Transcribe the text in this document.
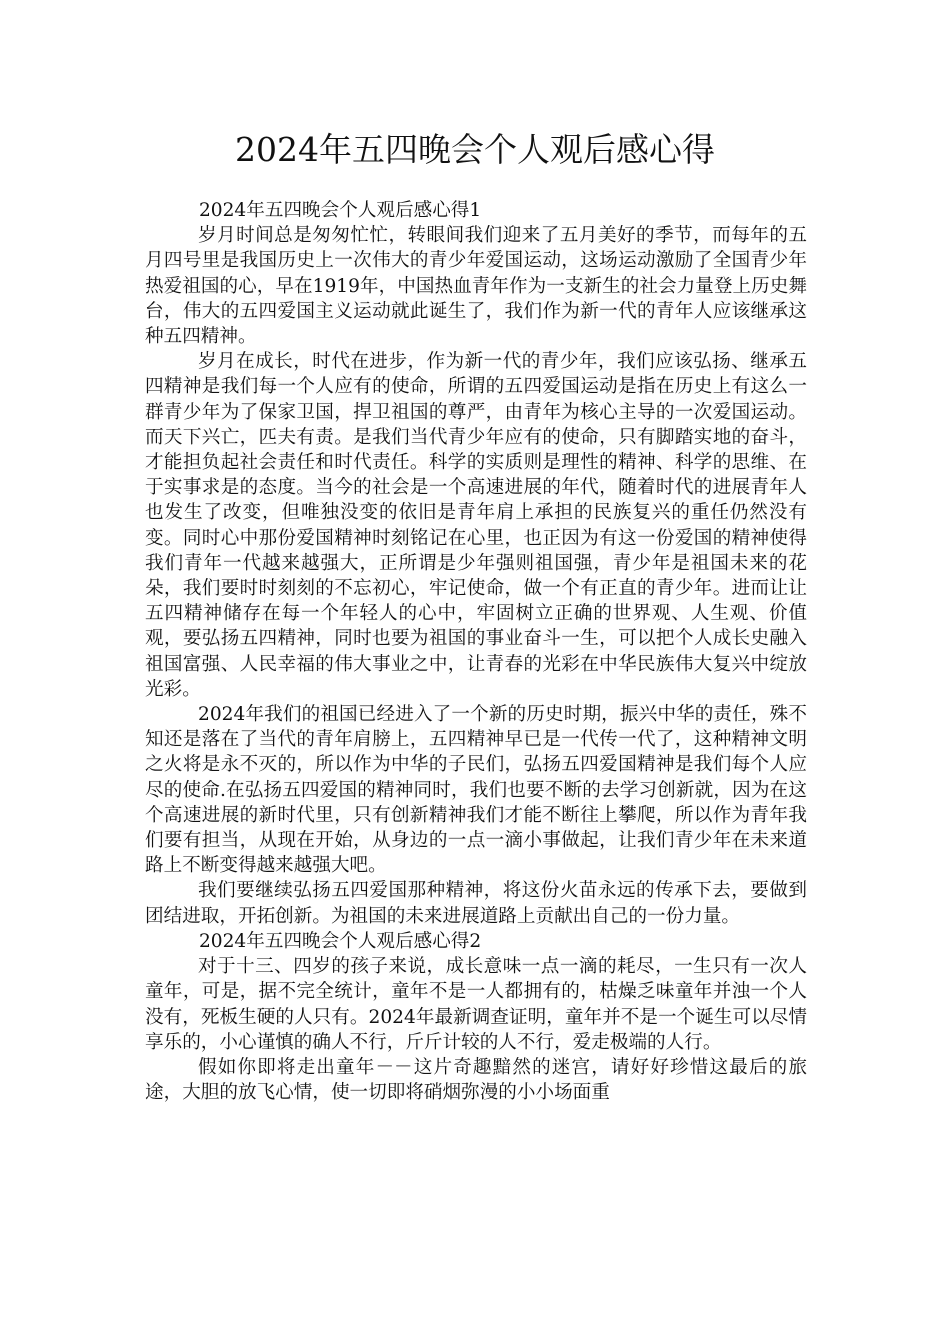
2024年五四晚会个人观后感心得

2024年五四晚会个人观后感心得1

岁月时间总是匆匆忙忙，转眼间我们迎来了五月美好的季节，而每年的五月四号里是我国历史上一次伟大的青少年爱国运动，这场运动激励了全国青少年热爱祖国的心，早在1919年，中国热血青年作为一支新生的社会力量登上历史舞台，伟大的五四爱国主义运动就此诞生了，我们作为新一代的青年人应该继承这种五四精神。

岁月在成长，时代在进步，作为新一代的青少年，我们应该弘扬、继承五四精神是我们每一个人应有的使命，所谓的五四爱国运动是指在历史上有这么一群青少年为了保家卫国，捍卫祖国的尊严，由青年为核心主导的一次爱国运动。而天下兴亡，匹夫有责。是我们当代青少年应有的使命，只有脚踏实地的奋斗，才能担负起社会责任和时代责任。科学的实质则是理性的精神、科学的思维、在于实事求是的态度。当今的社会是一个高速进展的年代，随着时代的进展青年人也发生了改变，但唯独没变的依旧是青年肩上承担的民族复兴的重任仍然没有变。同时心中那份爱国精神时刻铭记在心里，也正因为有这一份爱国的精神使得我们青年一代越来越强大，正所谓是少年强则祖国强，青少年是祖国未来的花朵，我们要时时刻刻的不忘初心，牢记使命，做一个有正直的青少年。进而让让五四精神储存在每一个年轻人的心中，牢固树立正确的世界观、人生观、价值观，要弘扬五四精神，同时也要为祖国的事业奋斗一生，可以把个人成长史融入祖国富强、人民幸福的伟大事业之中，让青春的光彩在中华民族伟大复兴中绽放光彩。

2024年我们的祖国已经进入了一个新的历史时期，振兴中华的责任，殊不知还是落在了当代的青年肩膀上，五四精神早已是一代传一代了，这种精神文明之火将是永不灭的，所以作为中华的子民们，弘扬五四爱国精神是我们每个人应尽的使命.在弘扬五四爱国的精神同时，我们也要不断的去学习创新就，因为在这个高速进展的新时代里，只有创新精神我们才能不断往上攀爬，所以作为青年我们要有担当，从现在开始，从身边的一点一滴小事做起，让我们青少年在未来道路上不断变得越来越强大吧。

我们要继续弘扬五四爱国那种精神，将这份火苗永远的传承下去，要做到团结进取，开拓创新。为祖国的未来进展道路上贡献出自己的一份力量。

2024年五四晚会个人观后感心得2

对于十三、四岁的孩子来说，成长意味一点一滴的耗尽，一生只有一次人童年，可是，据不完全统计，童年不是一人都拥有的，枯燥乏味童年并浊一个人没有，死板生硬的人只有。2024年最新调查证明，童年并不是一个诞生可以尽情享乐的，小心谨慎的确人不行，斤斤计较的人不行，爱走极端的人行。

假如你即将走出童年－－这片奇趣黯然的迷宫，请好好珍惜这最后的旅途，大胆的放飞心情，使一切即将硝烟弥漫的小小场面重
